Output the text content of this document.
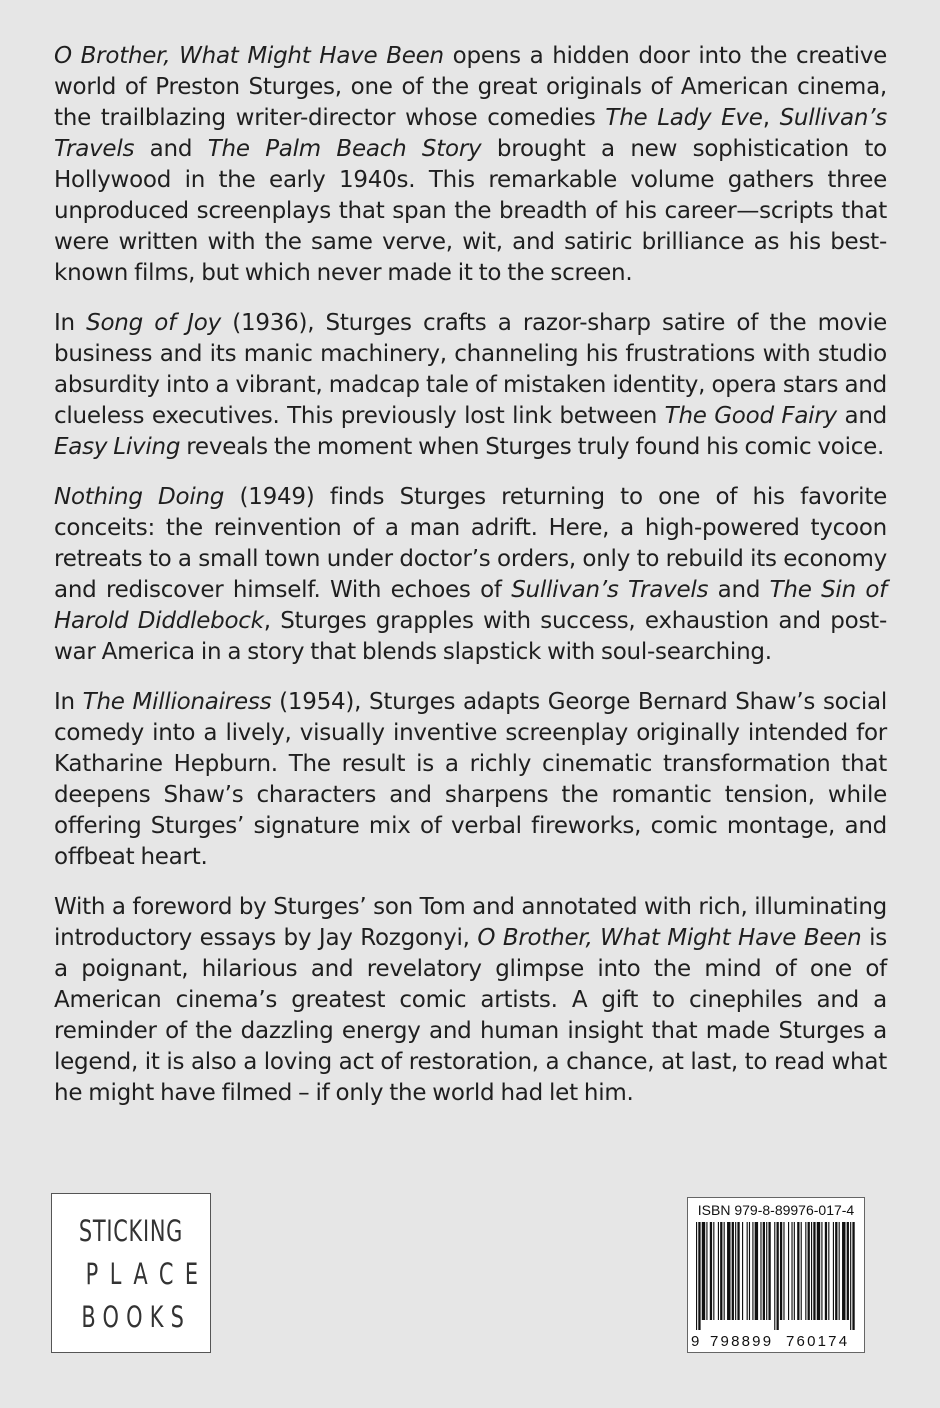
O Brother, What Might Have Been opens a hidden door into the creative world of Preston Sturges, one of the great originals of American cinema, the trailblazing writer-director whose comedies The Lady Eve, Sullivan’s Travels and The Palm Beach Story brought a new sophistication to Hollywood in the early 1940s. This remarkable volume gathers three unproduced screenplays that span the breadth of his career—scripts that were written with the same verve, wit, and satiric brilliance as his best-known films, but which never made it to the screen.

In Song of Joy (1936), Sturges crafts a razor-sharp satire of the movie business and its manic machinery, channeling his frustrations with studio absurdity into a vibrant, madcap tale of mistaken identity, opera stars and clueless executives. This previously lost link between The Good Fairy and Easy Living reveals the moment when Sturges truly found his comic voice.

Nothing Doing (1949) finds Sturges returning to one of his favorite conceits: the reinvention of a man adrift. Here, a high-powered tycoon retreats to a small town under doctor’s orders, only to rebuild its economy and rediscover himself. With echoes of Sullivan’s Travels and The Sin of Harold Diddlebock, Sturges grapples with success, exhaustion and post-war America in a story that blends slapstick with soul-searching.

In The Millionairess (1954), Sturges adapts George Bernard Shaw’s social comedy into a lively, visually inventive screenplay originally intended for Katharine Hepburn. The result is a richly cinematic transformation that deepens Shaw’s characters and sharpens the romantic tension, while offering Sturges’ signature mix of verbal fireworks, comic montage, and offbeat heart.

With a foreword by Sturges’ son Tom and annotated with rich, illuminating introductory essays by Jay Rozgonyi, O Brother, What Might Have Been is a poignant, hilarious and revelatory glimpse into the mind of one of American cinema’s greatest comic artists. A gift to cinephiles and a reminder of the dazzling energy and human insight that made Sturges a legend, it is also a loving act of restoration, a chance, at last, to read what he might have filmed – if only the world had let him.

STICKING
PLACE
BOOKS
ISBN 979-8-89976-017-4
9 798899 760174
